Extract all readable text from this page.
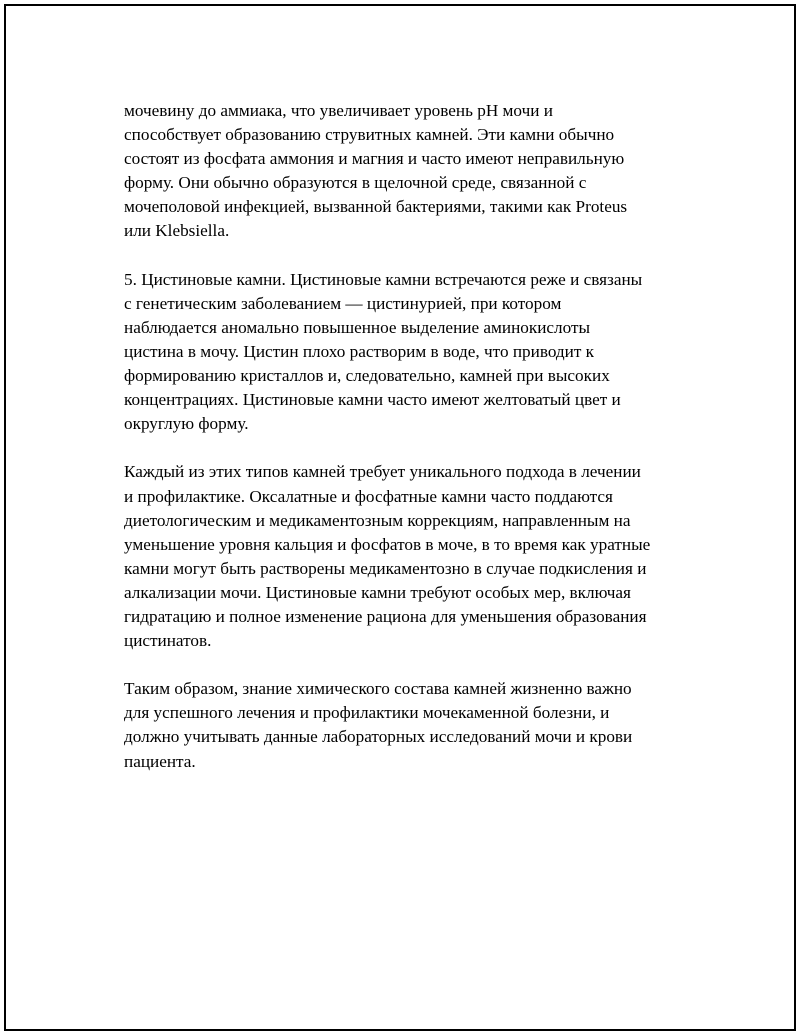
мочевину до аммиака, что увеличивает уровень pH мочи и
способствует образованию струвитных камней. Эти камни обычно
состоят из фосфата аммония и магния и часто имеют неправильную
форму. Они обычно образуются в щелочной среде, связанной с
мочеполовой инфекцией, вызванной бактериями, такими как Proteus
или Klebsiella.

5. Цистиновые камни. Цистиновые камни встречаются реже и связаны
с генетическим заболеванием — цистинурией, при котором
наблюдается аномально повышенное выделение аминокислоты
цистина в мочу. Цистин плохо растворим в воде, что приводит к
формированию кристаллов и, следовательно, камней при высоких
концентрациях. Цистиновые камни часто имеют желтоватый цвет и
округлую форму.

Каждый из этих типов камней требует уникального подхода в лечении
и профилактике. Оксалатные и фосфатные камни часто поддаются
диетологическим и медикаментозным коррекциям, направленным на
уменьшение уровня кальция и фосфатов в моче, в то время как уратные
камни могут быть растворены медикаментозно в случае подкисления и
алкализации мочи. Цистиновые камни требуют особых мер, включая
гидратацию и полное изменение рациона для уменьшения образования
цистинатов.

Таким образом, знание химического состава камней жизненно важно
для успешного лечения и профилактики мочекаменной болезни, и
должно учитывать данные лабораторных исследований мочи и крови
пациента.
